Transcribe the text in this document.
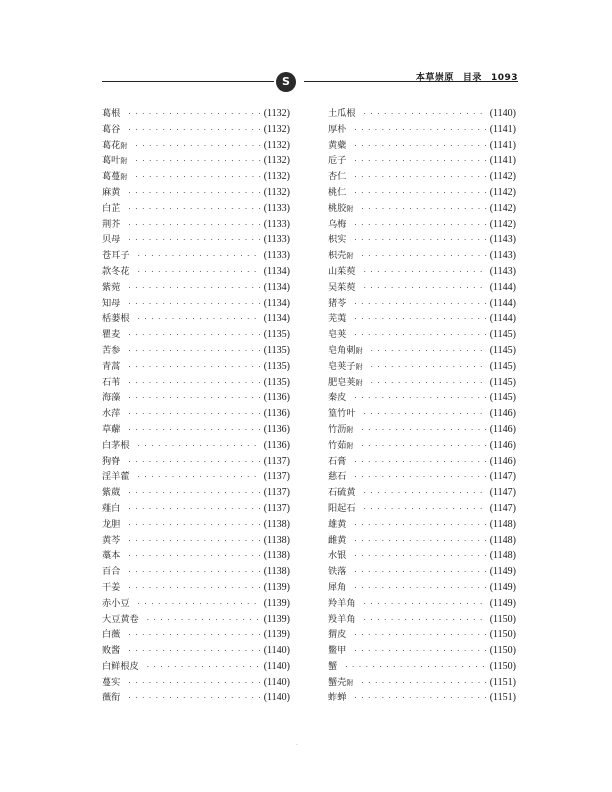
S	本草崇原 目录 1093
葛根 · · ·	(1132)
葛谷 · · ·	(1132)
葛花 附 · · ·	(1132)
葛叶 附 · · ·	(1132)
葛蔓 附 · · ·	(1132)
麻黄 · · ·	(1132)
白芷 · · ·	(1133)
荆芥 · · ·	(1133)
贝母 · · ·	(1133)
苍耳子 · · ·	(1133)
款冬花 · · ·	(1134)
紫菀 · · ·	(1134)
知母 · · ·	(1134)
栝蒌根 · · ·	(1134)
瞿麦 · · ·	(1135)
苦参 · · ·	(1135)
青蒿 · · ·	(1135)
石苇 · · ·	(1135)
海藻 · · ·	(1136)
水萍 · · ·	(1136)
草薢 · · ·	(1136)
白茅根 · · ·	(1136)
狗脊 · · ·	(1137)
淫羊藿 · · ·	(1137)
紫葳 · · ·	(1137)
薤白 · · ·	(1137)
龙胆 · · ·	(1138)
黄芩 · · ·	(1138)
藁本 · · ·	(1138)
百合 · · ·	(1138)
干姜 · · ·	(1139)
赤小豆 · · ·	(1139)
大豆黄卷 · · ·	(1139)
白薇 · · ·	(1139)
败酱 · · ·	(1140)
白鲜根皮 · · ·	(1140)
蔓实 · · ·	(1140)
薇衔 · · ·	(1140)
土瓜根 · · ·	(1140)
厚朴 · · ·	(1141)
黄蘗 · · ·	(1141)
卮子 · · ·	(1141)
杏仁 · · ·	(1142)
桃仁 · · ·	(1142)
桃胶 附 · · ·	(1142)
乌梅 · · ·	(1142)
枳实 · · ·	(1143)
枳壳 附 · · ·	(1143)
山茱萸 · · ·	(1143)
吴茱萸 · · ·	(1144)
猪苓 · · ·	(1144)
芜荑 · · ·	(1144)
皂荚 · · ·	(1145)
皂角刺 附 · · ·	(1145)
皂荚子 附 · · ·	(1145)
肥皂荚 附 · · ·	(1145)
秦皮 · · ·	(1145)
篁竹叶 · · ·	(1146)
竹沥 附 · · ·	(1146)
竹茹 附 · · ·	(1146)
石膏 · · ·	(1146)
慈石 · · ·	(1147)
石硫黄 · · ·	(1147)
阳起石 · · ·	(1147)
雄黄 · · ·	(1148)
雌黄 · · ·	(1148)
水银 · · ·	(1148)
铁落 · · ·	(1149)
犀角 · · ·	(1149)
羚羊角 · · ·	(1149)
羖羊角 · · ·	(1150)
猬皮 · · ·	(1150)
鳖甲 · · ·	(1150)
蟹 · · ·	(1150)
蟹壳 附 · · ·	(1151)
蚱蝉 · · ·	(1151)
·
